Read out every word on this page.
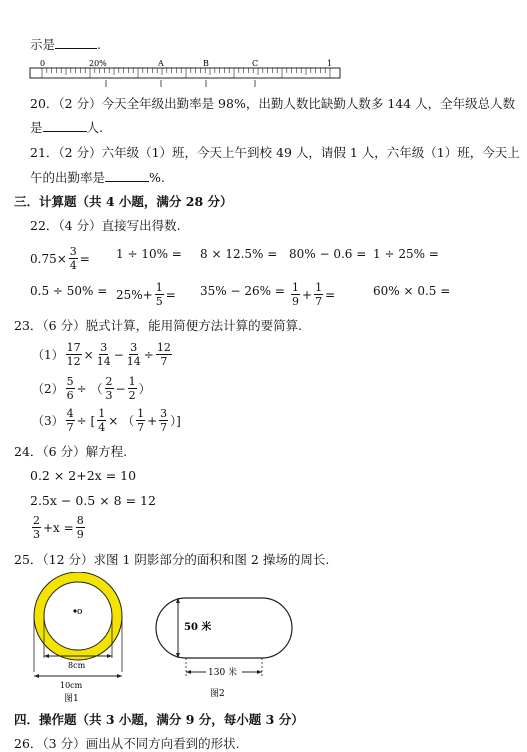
示是	.
0	20%	A	B	C	1
20．（2 分）今天全年级出勤率是 98%，出勤人数比缺勤人数多 144 人，全年级总人数
是	人.
21．（2 分）六年级（1）班，今天上午到校 49 人，请假 1 人，六年级（1）班，今天上
午的出勤率是	%.
三．计算题（共 4 小题，满分 28 分）
22．（4 分）直接写出得数.
$0.75\times \frac{3}{4} = 1 \div 10\% = 8 \times 12.5\% = 80\% - 0.6 = 1 \div 25\%$ =
$0.5 \div 50\% = 25\%+ \frac{1}{5} = 35\% - 26\% = \frac{1}{9} + \frac{1}{7}$ =	60% × 0.5 =
23．（6 分）脱式计算，能用简便方法计算的要简算.
$(1) \frac{17}{12} \times \frac{3}{14} - \frac{3}{14} \div \frac{12}{7}$
$(2) \frac{5}{6}$ ÷ （ $\frac{2}{3} - \frac{1}{2}$ ）
$(3) \frac{4}{7}$ ÷ [ $\frac{1}{4}$ × （ $\frac{1}{7} + \frac{3}{7}$ ）]
24．（6 分）解方程.
0.2 × 2+2x = 10
2.5x − 0.5 × 8 = 12
$\frac{2}{3} +x = \frac{8}{9}$
25．（12 分）求图 1 阴影部分的面积和图 2 操场的周长.
o
8cm
10cm
图1
50 米
130 米
图2
四．操作题（共 3 小题，满分 9 分，每小题 3 分）
26．（3 分）画出从不同方向看到的形状.
